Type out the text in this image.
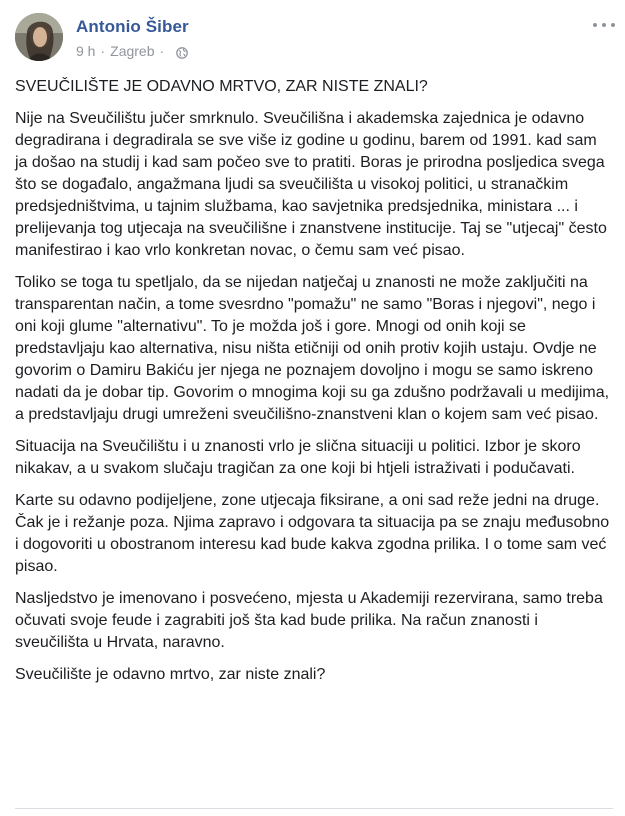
Antonio Šiber
9 h · Zagreb ·

SVEUČILIŠTE JE ODAVNO MRTVO, ZAR NISTE ZNALI?

Nije na Sveučilištu jučer smrknulo. Sveučilišna i akademska zajednica je odavno degradirana i degradirala se sve više iz godine u godinu, barem od 1991. kad sam ja došao na studij i kad sam počeo sve to pratiti. Boras je prirodna posljedica svega što se događalo, angažmana ljudi sa sveučilišta u visokoj politici, u stranačkim predsjedništvima, u tajnim službama, kao savjetnika predsjednika, ministara ... i prelijevanja tog utjecaja na sveučilišne i znanstvene institucije. Taj se "utjecaj" često manifestirao i kao vrlo konkretan novac, o čemu sam već pisao.

Toliko se toga tu spetljalo, da se nijedan natječaj u znanosti ne može zaključiti na transparentan način, a tome svesrdno "pomažu" ne samo "Boras i njegovi", nego i oni koji glume "alternativu". To je možda još i gore. Mnogi od onih koji se predstavljaju kao alternativa, nisu ništa etičniji od onih protiv kojih ustaju. Ovdje ne govorim o Damiru Bakiću jer njega ne poznajem dovoljno i mogu se samo iskreno nadati da je dobar tip. Govorim o mnogima koji su ga zdušno podržavali u medijima, a predstavljaju drugi umreženi sveučilišno-znanstveni klan o kojem sam već pisao.

Situacija na Sveučilištu i u znanosti vrlo je slična situaciji u politici. Izbor je skoro nikakav, a u svakom slučaju tragičan za one koji bi htjeli istraživati i podučavati.

Karte su odavno podijeljene, zone utjecaja fiksirane, a oni sad reže jedni na druge. Čak je i režanje poza. Njima zapravo i odgovara ta situacija pa se znaju međusobno i dogovoriti u obostranom interesu kad bude kakva zgodna prilika. I o tome sam već pisao.

Nasljedstvo je imenovano i posvećeno, mjesta u Akademiji rezervirana, samo treba očuvati svoje feude i zagrabiti još šta kad bude prilika. Na račun znanosti i sveučilišta u Hrvata, naravno.

Sveučilište je odavno mrtvo, zar niste znali?
